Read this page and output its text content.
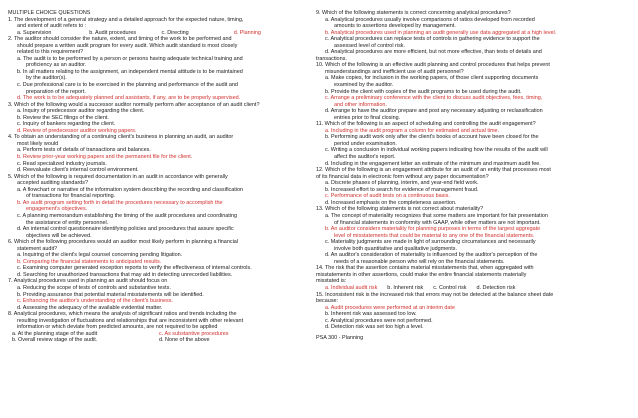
MULTIPLE CHOICE QUESTIONS
1. The development of a general strategy and a detailed approach for the expected nature, timing,
and extent of audit refers to :
a. Supervision	b. Audit procedures	c. Directing	d. Planning
2. The auditor should consider the nature, extent, and timing of the work to be performed and
should prepare a written audit program for every audit. Which audit standard is most closely
related to this requirement?
a. The audit is to be performed by a person or persons having adequate technical training and
proficiency as an auditor.
b. In all matters relating to the assignment, an independent mental attitude is to be maintained
by the auditor(s).
c. Due professional care is to be exercised in the planning and performance of the audit and
preparation of the report.
d. The work is to be adequately planned and assistants, if any, are to be properly supervised.
3. Which of the following would a successor auditor normally perform after acceptance of an audit client?
a. Inquiry of predecessor auditor regarding the client.
b. Review the SEC filings of the client.
c. Inquiry of bankers regarding the client.
d. Review of predecessor auditor working papers.
4. To obtain an understanding of a continuing client's business in planning an audit, an auditor
most likely would
a. Perform tests of details of transactions and balances.
b. Review prior-year working papers and the permanent file for the client.
c. Read specialized industry journals.
d. Reevaluate client's internal control environment.
5. Which of the following is required documentation in an audit in accordance with generally
accepted auditing standards?
a. A flowchart or narrative of the information system describing the recording and classification
of transactions for financial reporting.
b. An audit program setting forth in detail the procedures necessary to accomplish the
engagement's objectives.
c. A planning memorandum establishing the timing of the audit procedures and coordinating
the assistance of entity personnel.
d. An internal control questionnaire identifying policies and procedures that assure specific
objectives will be achieved.
6. Which of the following procedures would an auditor most likely perform in planning a financial
statement audit?
a. Inquiring of the client's legal counsel concerning pending litigation.
b. Comparing the financial statements to anticipated results.
c. Examining computer generated exception reports to verify the effectiveness of internal controls.
d. Searching for unauthorized transactions that may aid in detecting unrecorded liabilities.
7. Analytical procedures used in planning an audit should focus on
a. Reducing the scope of tests of controls and substantive tests.
b. Providing assurance that potential material misstatements will be identified.
c. Enhancing the auditor's understanding of the client's business.
d. Assessing the adequacy of the available evidential matter.
8. Analytical procedures, which means the analysis of significant ratios and trends including the
resulting investigation of fluctuations and relationships that are inconsistent with other relevant
information or which deviate from predicted amounts, are not required to be applied
a. At the planning stage of the audit	c. As substantive procedures
b. Overall review stage of the audit.	d. None of the above
9. Which of the following statements is correct concerning analytical procedures?
a. Analytical procedures usually involve comparisons of ratios developed from recorded
amounts to assertions developed by management.
b. Analytical procedures used in planning an audit generally use data aggregated at a high level.
c. Analytical procedures can replace tests of controls in gathering evidence to support the
assessed level of control risk.
d. Analytical procedures are more efficient, but not more effective, than tests of details and
transactions.
10. Which of the following is an effective audit planning and control procedures that helps prevent
misunderstandings and inefficient use of audit personnel?
a. Make copies, for inclusion in the working papers, of those client supporting documents
examined by the auditor.
b. Provide the client with copies of the audit programs to be used during the audit.
c. Arrange a preliminary conference with the client to discuss audit objectives, fees, timing,
and other information.
d. Arrange to have the auditor prepare and post any necessary adjusting or reclassification
entries prior to final closing.
11. Which of the following is an aspect of scheduling and controlling the audit engagement?
a. Including in the audit program a column for estimated and actual time.
b. Performing audit work only after the client's books of account have been closed for the
period under examination.
c. Writing a conclusion in individual working papers indicating how the results of the audit will
affect the auditor's report.
d. Including in the engagement letter an estimate of the minimum and maximum audit fee.
12. Which of the following is an engagement attribute for an audit of an entity that processes most
of its financial data in electronic form without any paper documentation?
a. Discrete phases of planning, interim, and year-end field work.
b. Increased effort to search for evidence of management fraud.
c. Performance of audit tests on a continuous basis.
d. Increased emphasis on the completeness assertion.
13. Which of the following statements is not correct about materiality?
a. The concept of materiality recognizes that some matters are important for fair presentation
of financial statements in conformity with GAAP, while other matters are not important.
b. An auditor considers materiality for planning purposes in terms of the largest aggregate
level of misstatements that could be material to any one of the financial statements.
c. Materiality judgments are made in light of surrounding circumstances and necessarily
involve both quantitative and qualitative judgments.
d. An auditor's consideration of materiality is influenced by the auditor's perception of the
needs of a reasonable person who will rely on the financial statements.
14. The risk that the assertion contains material misstatements that, when aggregated with
misstatements in other assertions, could make the entire financial statements materially
misstated is:
a. Individual audit risk b. Inherent risk c. Control risk d. Detection risk
15. Inconsistent risk is the increased risk that errors may not be detected at the balance sheet date
because:
a. Audit procedures were performed at an interim date
b. Inherent risk was assessed too low.
c. Analytical procedures were not performed.
d. Detection risk was set too high a level.
PSA 300 - Planning
